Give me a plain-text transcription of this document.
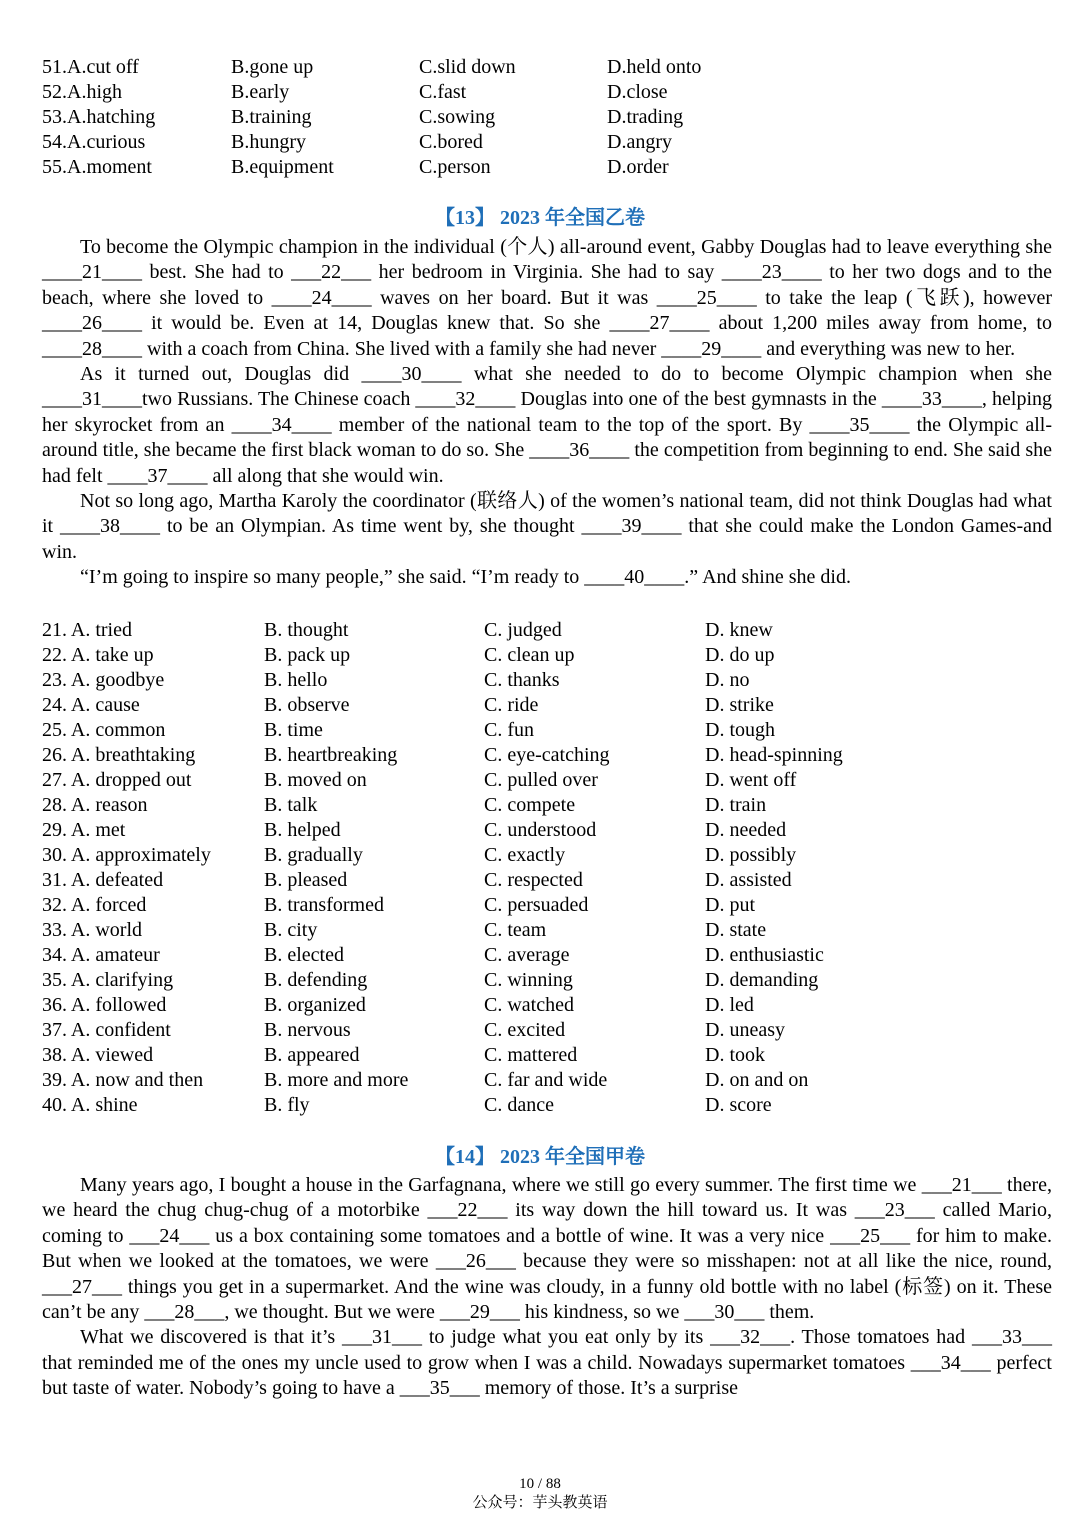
51.A.cut off	B.gone up	C.slid down	D.held onto
52.A.high	B.early	C.fast	D.close
53.A.hatching	B.training	C.sowing	D.trading
54.A.curious	B.hungry	C.bored	D.angry
55.A.moment	B.equipment	C.person	D.order
【13】 2023 年全国乙卷

To become the Olympic champion in the individual (个人) all-around event, Gabby Douglas had to leave everything she ____21____ best. She had to ___22___ her bedroom in Virginia. She had to say ____23____ to her two dogs and to the beach, where she loved to ____24____ waves on her board. But it was ____25____ to take the leap (飞跃), however ____26____ it would be. Even at 14, Douglas knew that. So she ____27____ about 1,200 miles away from home, to ____28____ with a coach from China. She lived with a family she had never ____29____ and everything was new to her.

As it turned out, Douglas did ____30____ what she needed to do to become Olympic champion when she ____31____two Russians. The Chinese coach ____32____ Douglas into one of the best gymnasts in the ____33____, helping her skyrocket from an ____34____ member of the national team to the top of the sport. By ____35____ the Olympic all-around title, she became the first black woman to do so. She ____36____ the competition from beginning to end. She said she had felt ____37____ all along that she would win.

Not so long ago, Martha Karoly the coordinator (联络人) of the women’s national team, did not think Douglas had what it ____38____ to be an Olympian. As time went by, she thought ____39____ that she could make the London Games-and win.

“I’m going to inspire so many people,” she said. “I’m ready to ____40____.” And shine she did.

21. A. tried	B. thought	C. judged	D. knew
22. A. take up	B. pack up	C. clean up	D. do up
23. A. goodbye	B. hello	C. thanks	D. no
24. A. cause	B. observe	C. ride	D. strike
25. A. common	B. time	C. fun	D. tough
26. A. breathtaking	B. heartbreaking	C. eye-catching	D. head-spinning
27. A. dropped out	B. moved on	C. pulled over	D. went off
28. A. reason	B. talk	C. compete	D. train
29. A. met	B. helped	C. understood	D. needed
30. A. approximately	B. gradually	C. exactly	D. possibly
31. A. defeated	B. pleased	C. respected	D. assisted
32. A. forced	B. transformed	C. persuaded	D. put
33. A. world	B. city	C. team	D. state
34. A. amateur	B. elected	C. average	D. enthusiastic
35. A. clarifying	B. defending	C. winning	D. demanding
36. A. followed	B. organized	C. watched	D. led
37. A. confident	B. nervous	C. excited	D. uneasy
38. A. viewed	B. appeared	C. mattered	D. took
39. A. now and then	B. more and more	C. far and wide	D. on and on
40. A. shine	B. fly	C. dance	D. score
【14】 2023 年全国甲卷

Many years ago, I bought a house in the Garfagnana, where we still go every summer. The first time we ___21___ there, we heard the chug chug-chug of a motorbike ___22___ its way down the hill toward us. It was ___23___ called Mario, coming to ___24___ us a box containing some tomatoes and a bottle of wine. It was a very nice ___25___ for him to make. But when we looked at the tomatoes, we were ___26___ because they were so misshapen: not at all like the nice, round, ___27___ things you get in a supermarket. And the wine was cloudy, in a funny old bottle with no label (标签) on it. These can’t be any ___28___, we thought. But we were ___29___ his kindness, so we ___30___ them.

What we discovered is that it’s ___31___ to judge what you eat only by its ___32___. Those tomatoes had ___33___ that reminded me of the ones my uncle used to grow when I was a child. Nowadays supermarket tomatoes ___34___ perfect but taste of water. Nobody’s going to have a ___35___ memory of those. It’s a surprise

10 / 88
公众号：芋头教英语
